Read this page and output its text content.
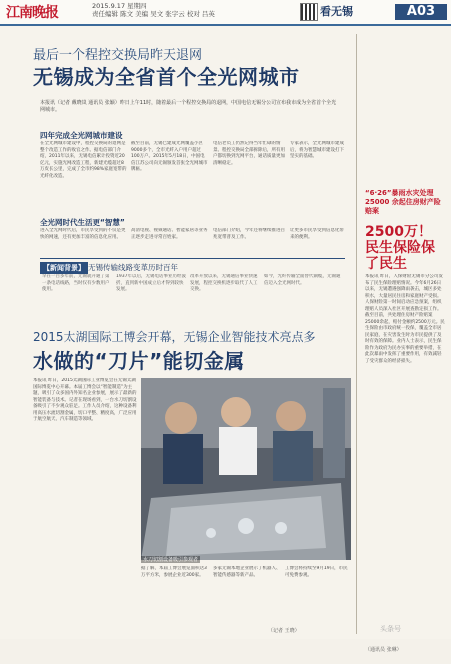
江南晚报	2015.9.17 星期四
责任编辑 陈文 美编 吴文 张字云 校对 吕英	看无锡	A03
最后一个程控交换局昨天退网
无锡成为全省首个全光网城市
本报讯（记者 戴晓岚 通讯员 张颖）昨日上午11时，随着最后一个程控交换局的退网，中国电信无锡分公司宣布我市成为全省首个全光网城市。
四年完成全光网城市建设
在全光网城市建设中，程控交换局的退网是整个改造工作的收官之作。据电信部门介绍，2011年以来，无锡电信累计投资近20亿元，实施光网改造工程，新建光缆超过8万皮长公里，完成了全市约98%家庭宽带的光纤化改造。
截至目前，无锡已建成光网覆盖小区9000多个，全市光纤入户用户超过100万户。2015年5月18日，中国电信江苏公司向无锡颁发首张全光网城市牌匾。
电信老员工仍然记得当年忙碌的情景。程控交换局全部拆除后，所有用户都切换到光网平台，通话质量更加清晰稳定。
专家表示，全光网城市建成后，将为智慧城市建设打下坚实的基础。
全光网时代生活更“智慧”
进入全光网时代后，市民享受到的不仅是更快的网速，还有更加丰富的信息化应用。
高清电视、视频通话、智能家居等业务正逐步走进寻常百姓家。
电信部门介绍，今年还将继续推进百兆宽带普及工作。
让更多市民享受到信息化带来的便利。
【新闻背景】 无锡传输线路变革历时百年
早在一百多年前，无锡就开通了第一条电话线路，当时仅有少数用户使用。
1937年以后，无锡电话事业历经波折，直到新中国成立后才得到较快发展。
改革开放以来，无锡通信事业快速发展，程控交换机逐步取代了人工交换。
如今，光纤传输全面替代铜缆，无锡通信迈入全光网时代。
“6·26”暴雨水灾处理 25000 余起住房财产险赔案
2500万！民生保险保了民生
本报讯 昨日，人保财险无锡市分公司发布了民生保险理赔情况。今年6月26日以来，无锡遭遇强降雨袭击，城区多处积水，大量居民住房和家庭财产受损。人保财险第一时间启动应急预案，组织理赔人员深入社区开展查勘定损工作。截至目前，共处理住房财产险赔案25000余起，赔付金额约2500万元。民生保险由市政府统一投保，覆盖全市居民家庭，在灾害发生时为市民提供了及时有效的保障。业内人士表示，民生保险作为政府为民办实事的重要举措，在此次暴雨中发挥了重要作用，有效减轻了受灾群众的经济损失。
（通讯员 张琳）
2015太湖国际工博会开幕，无锡企业智能技术亮点多
水做的“刀片”能切金属
本报讯 昨日，2015太湖国际工业博览会在无锡太湖国际博览中心开幕。本届工博会以“智能制造”为主题，吸引了众多国内外知名企业参展，展示了最新的智能装备与技术。记者在现场看到，一台水刀切割设备吸引了不少观众驻足。工作人员介绍，这种设备利用高压水流切割金属，切口平整、精度高，广泛应用于航空航天、汽车制造等领域。
水刀切割设备吸引参观者
据了解，本届工博会展览面积达3万平方米，参展企业近300家。
多家无锡本地企业展示了机器人、智能传感器等新产品。
工博会将持续至9月19日，市民可免费参观。
（记者 王晓）	头条号
